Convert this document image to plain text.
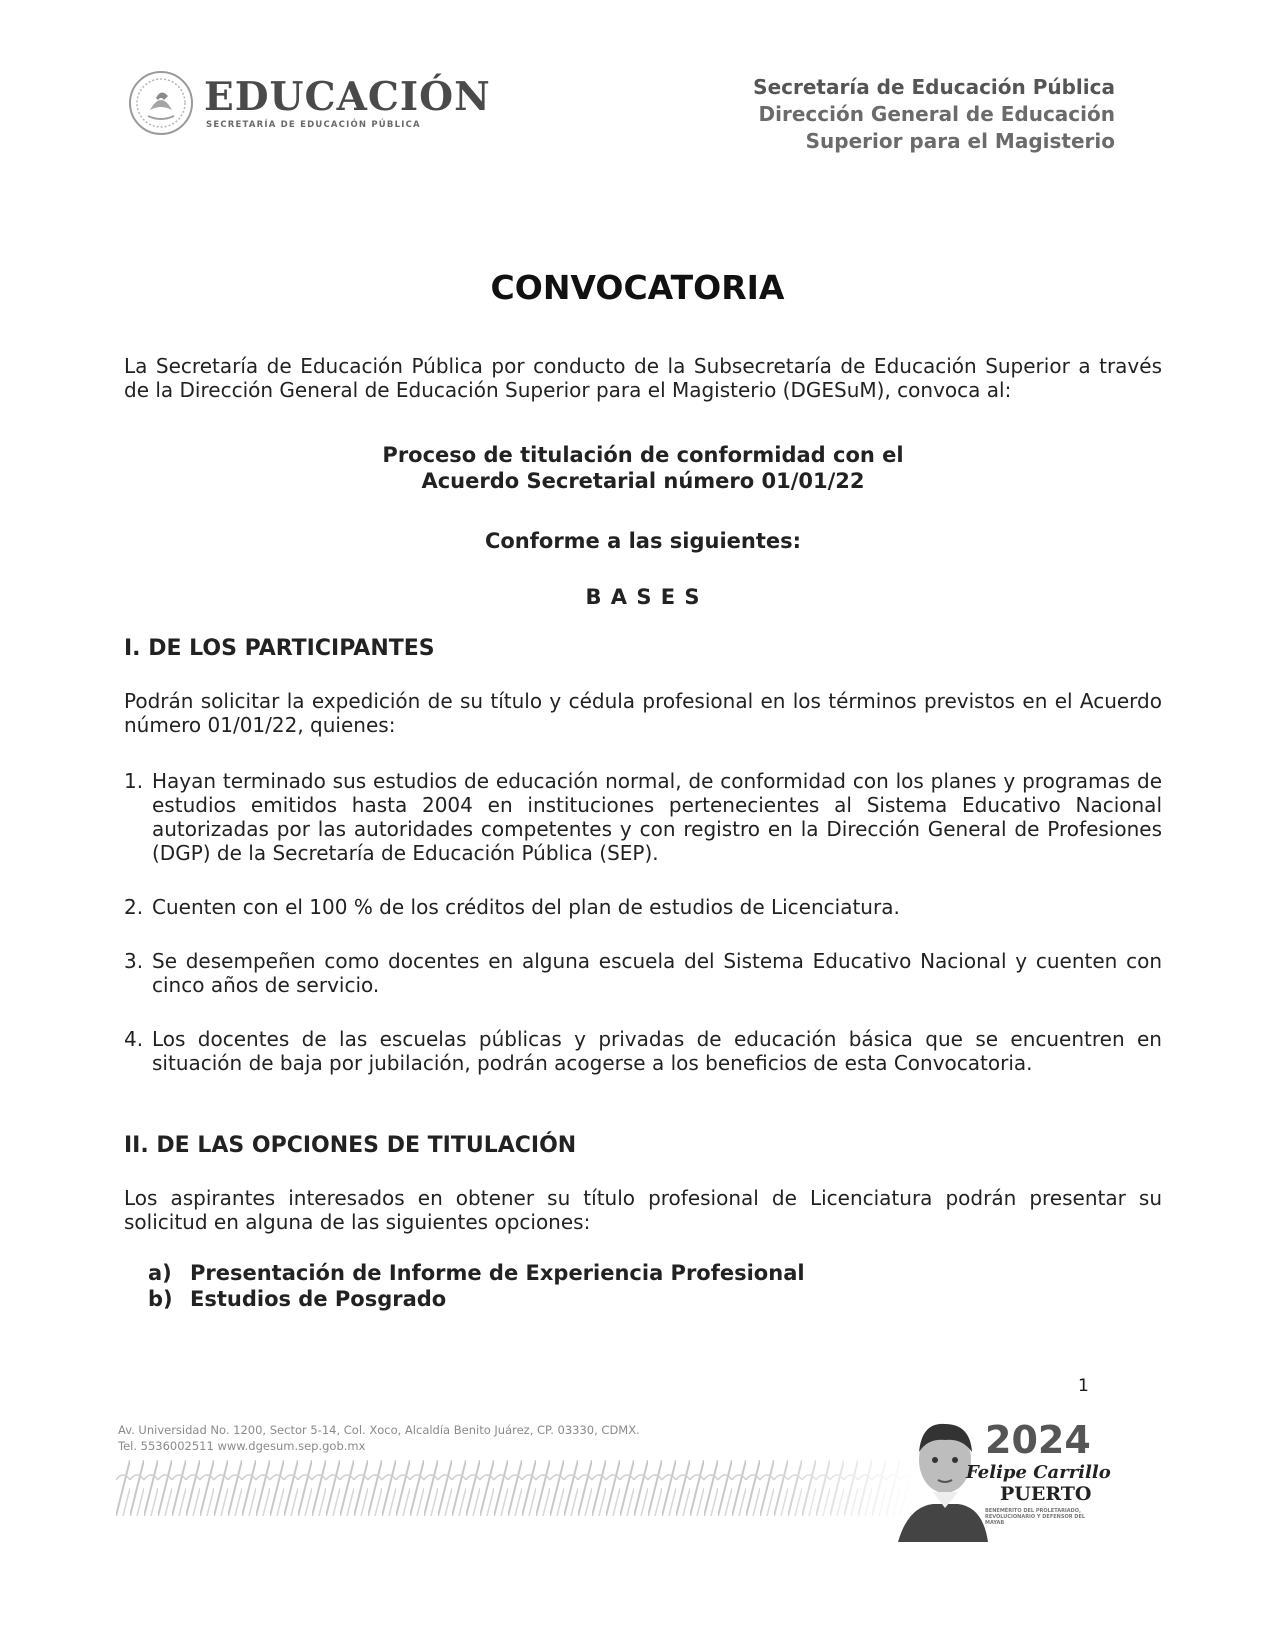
EDUCACIÓN
SECRETARÍA DE EDUCACIÓN PÚBLICA
Secretaría de Educación Pública
Dirección General de Educación
Superior para el Magisterio
CONVOCATORIA

La Secretaría de Educación Pública por conducto de la Subsecretaría de Educación Superior a través de la Dirección General de Educación Superior para el Magisterio (DGESuM), convoca al:

Proceso de titulación de conformidad con el

Acuerdo Secretarial número 01/01/22

Conforme a las siguientes:

B A S E S

I. DE LOS PARTICIPANTES

Podrán solicitar la expedición de su título y cédula profesional en los términos previstos en el Acuerdo número 01/01/22, quienes:

1. Hayan terminado sus estudios de educación normal, de conformidad con los planes y programas de estudios emitidos hasta 2004 en instituciones pertenecientes al Sistema Educativo Nacional autorizadas por las autoridades competentes y con registro en la Dirección General de Profesiones (DGP) de la Secretaría de Educación Pública (SEP).
2. Cuenten con el 100 % de los créditos del plan de estudios de Licenciatura.
3. Se desempeñen como docentes en alguna escuela del Sistema Educativo Nacional y cuenten con cinco años de servicio.
4. Los docentes de las escuelas públicas y privadas de educación básica que se encuentren en situación de baja por jubilación, podrán acogerse a los beneficios de esta Convocatoria.

II. DE LAS OPCIONES DE TITULACIÓN

Los aspirantes interesados en obtener su título profesional de Licenciatura podrán presentar su solicitud en alguna de las siguientes opciones:

a) Presentación de Informe de Experiencia Profesional
b) Estudios de Posgrado
1
Av. Universidad No. 1200, Sector 5-14, Col. Xoco, Alcaldía Benito Juárez, CP. 03330, CDMX.
Tel. 5536002511 www.dgesum.sep.gob.mx	2024
Felipe Carrillo
PUERTO
BENEMÉRITO DEL PROLETARIADO, REVOLUCIONARIO Y DEFENSOR DEL MAYAB
